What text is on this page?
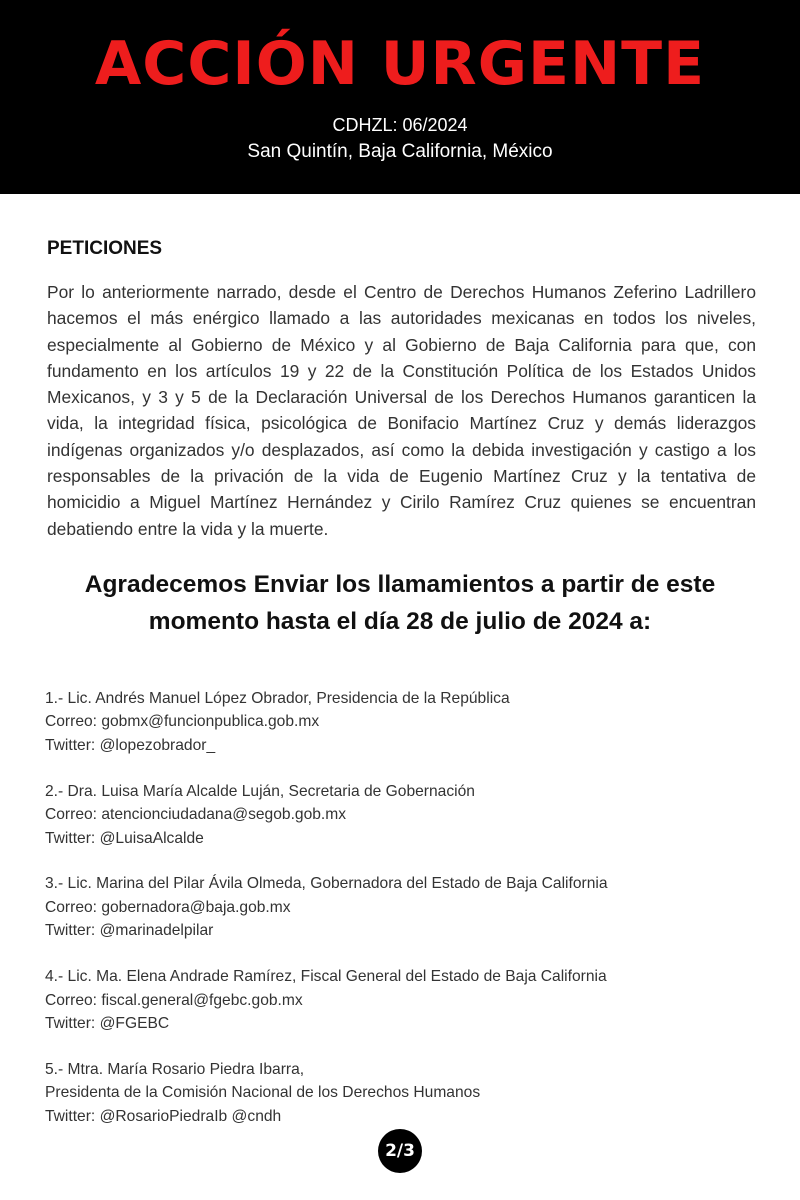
ACCIÓN URGENTE
CDHZL: 06/2024
San Quintín, Baja California, México
PETICIONES

Por lo anteriormente narrado, desde el Centro de Derechos Humanos Zeferino Ladrillero hacemos el más enérgico llamado a las autoridades mexicanas en todos los niveles, especialmente al Gobierno de México y al Gobierno de Baja California para que, con fundamento en los artículos 19 y 22 de la Constitución Política de los Estados Unidos Mexicanos, y 3 y 5 de la Declaración Universal de los Derechos Humanos garanticen la vida, la integridad física, psicológica de Bonifacio Martínez Cruz y demás liderazgos indígenas organizados y/o desplazados, así como la debida investigación y castigo a los responsables de la privación de la vida de Eugenio Martínez Cruz y la tentativa de homicidio a Miguel Martínez Hernández y Cirilo Ramírez Cruz quienes se encuentran debatiendo entre la vida y la muerte.

Agradecemos Enviar los llamamientos a partir de este
momento hasta el día 28 de julio de 2024 a:
1.- Lic. Andrés Manuel López Obrador, Presidencia de la República
Correo: gobmx@funcionpublica.gob.mx
Twitter: @lopezobrador_
2.- Dra. Luisa María Alcalde Luján, Secretaria de Gobernación
Correo: atencionciudadana@segob.gob.mx
Twitter: @LuisaAlcalde
3.- Lic. Marina del Pilar Ávila Olmeda, Gobernadora del Estado de Baja California
Correo: gobernadora@baja.gob.mx
Twitter: @marinadelpilar
4.- Lic. Ma. Elena Andrade Ramírez, Fiscal General del Estado de Baja California
Correo: fiscal.general@fgebc.gob.mx
Twitter: @FGEBC
5.- Mtra. María Rosario Piedra Ibarra,
Presidenta de la Comisión Nacional de los Derechos Humanos
Twitter: @RosarioPiedraIb @cndh
2/3
